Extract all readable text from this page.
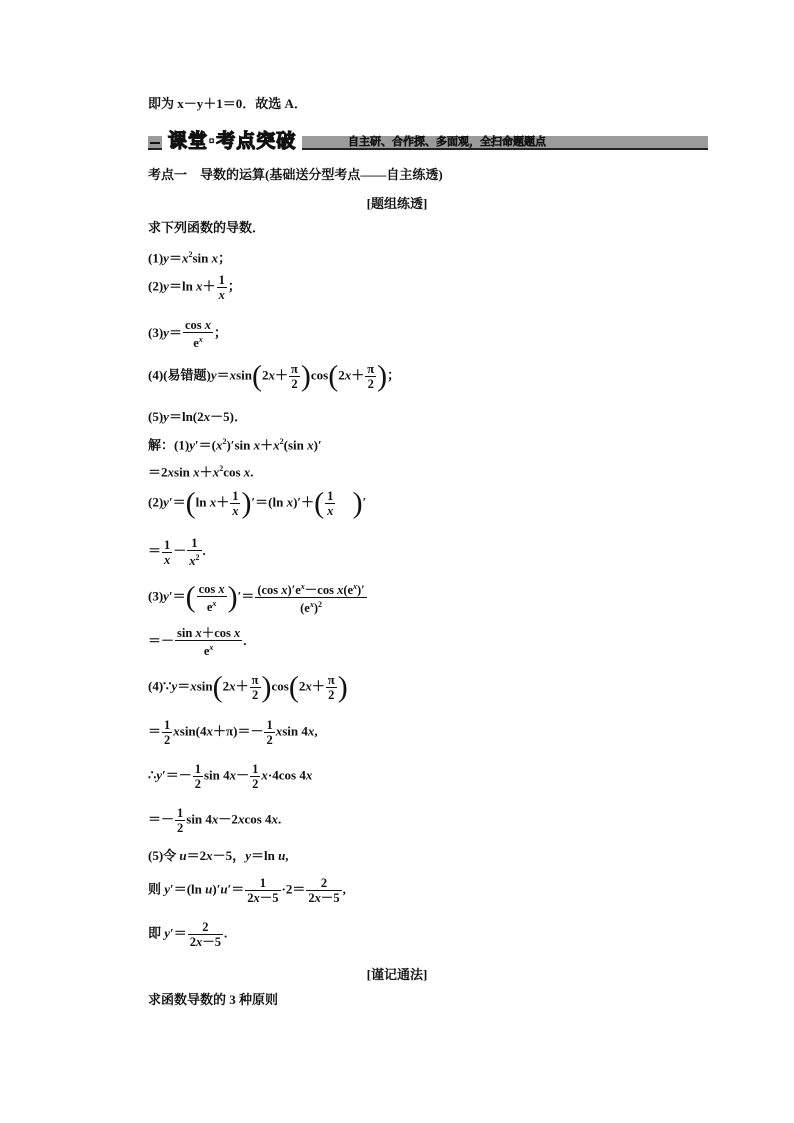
即为 x－y＋1＝0．故选 A．
课堂·考点突破	自主研、合作探、多面观，全扫命题题点
考点一　导数的运算(基础送分型考点——自主练透)
[题组练透]
求下列函数的导数．
$(1)y=x^2\sin$ x；
(2)y＝ln $x+ \frac{1}{x}$ ；
$(3)y= \frac{\text{cos x}}{e^x}$ ；
(4)(易错题)$y=xsin(2x+ \frac{\pi}{2} )\cos(2x+ \frac{\pi}{2}$ )；
(5)y＝ln(2x－5)．
解：$(1)y'=(x^2)'\sin$ $x+x^2(\sin$ x)′
＝2xsin $x+x^2\cos$ x.
(2)y′＝(ln $x+ \frac{1}{x} )'=(\ln$ $x)'+( \frac{1}{x}$ )′
＝ $\frac{1}{x} - \frac{1}{x^2}$ .
$(3)y'=( \frac{\text{cos x}}{e^x}$ )′＝ $\frac{(\cos x)'e^x-\cos x(e^x)'}{(e^x)^2}$
＝－ $\frac{\text{sin x＋cos x}}{e^x}$ .
(4)∵y＝xsin(2x＋ $\frac{\pi}{2} )\cos(2x+ \frac{\pi}{2}$ )
＝ $\frac{1}{2} xsin(4x+\pi)=- \frac{1}{2}$ xsin 4x,
∴y′＝－ $\frac{1}{2}$ $\sin 4x- \frac{1}{2} x\cdot 4\cos$ 4x
＝－ $\frac{1}{2}$ sin 4x－2xcos 4x.
(5)令 u＝2x－5，y＝ln u,
则 y′＝(ln $u)'u'= \frac{1}{2x-5} \cdot 2= \frac{2}{2x-5}$ ,
即 $y'= \frac{2}{2x-5}$ .
[谨记通法]
求函数导数的 3 种原则
